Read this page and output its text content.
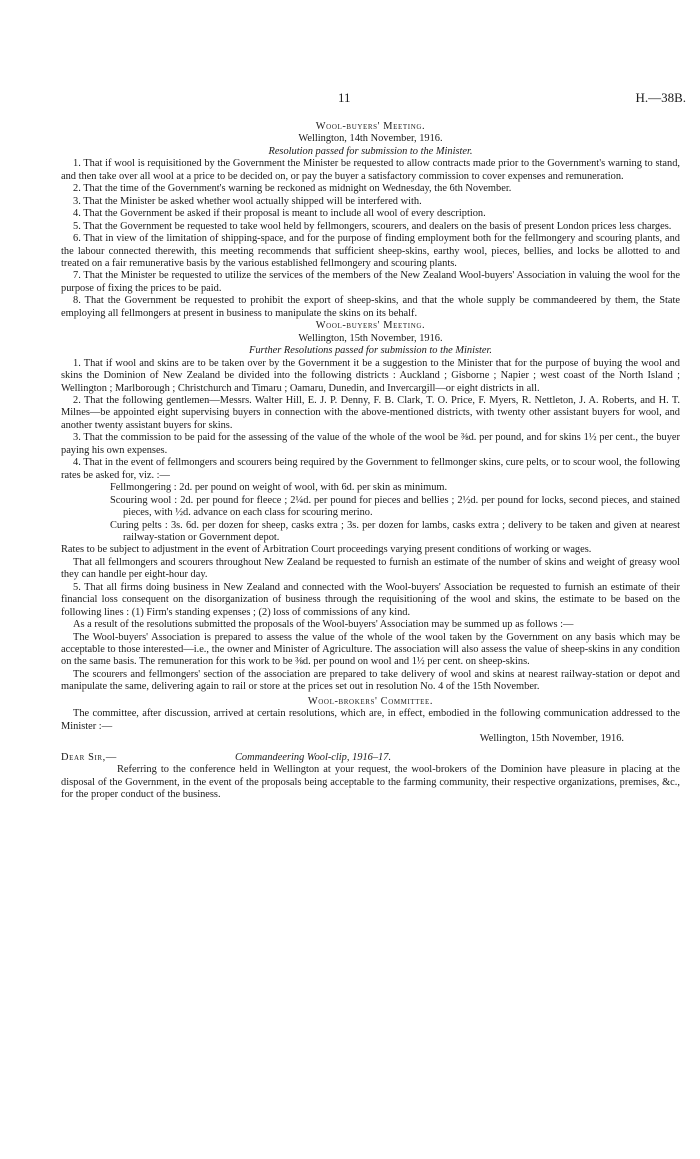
11	H.—38B.
Wool-buyers' Meeting.
Wellington, 14th November, 1916.
Resolution passed for submission to the Minister.

1. That if wool is requisitioned by the Government the Minister be requested to allow contracts made prior to the Government's warning to stand, and then take over all wool at a price to be decided on, or pay the buyer a satisfactory commission to cover expenses and remuneration.

2. That the time of the Government's warning be reckoned as midnight on Wednesday, the 6th November.

3. That the Minister be asked whether wool actually shipped will be interfered with.

4. That the Government be asked if their proposal is meant to include all wool of every description.

5. That the Government be requested to take wool held by fellmongers, scourers, and dealers on the basis of present London prices less charges.

6. That in view of the limitation of shipping-space, and for the purpose of finding employment both for the fellmongery and scouring plants, and the labour connected therewith, this meeting recommends that sufficient sheep-skins, earthy wool, pieces, bellies, and locks be allotted to and treated on a fair remunerative basis by the various established fellmongery and scouring plants.

7. That the Minister be requested to utilize the services of the members of the New Zealand Wool-buyers' Association in valuing the wool for the purpose of fixing the prices to be paid.

8. That the Government be requested to prohibit the export of sheep-skins, and that the whole supply be commandeered by them, the State employing all fellmongers at present in business to manipulate the skins on its behalf.

Wool-buyers' Meeting.
Wellington, 15th November, 1916.
Further Resolutions passed for submission to the Minister.

1. That if wool and skins are to be taken over by the Government it be a suggestion to the Minister that for the purpose of buying the wool and skins the Dominion of New Zealand be divided into the following districts : Auckland ; Gisborne ; Napier ; west coast of the North Island ; Wellington ; Marlborough ; Christchurch and Timaru ; Oamaru, Dunedin, and Invercargill—or eight districts in all.

2. That the following gentlemen—Messrs. Walter Hill, E. J. P. Denny, F. B. Clark, T. O. Price, F. Myers, R. Nettleton, J. A. Roberts, and H. T. Milnes—be appointed eight supervising buyers in connection with the above-mentioned districts, with twenty other assistant buyers for wool, and another twenty assistant buyers for skins.

3. That the commission to be paid for the assessing of the value of the whole of the wool be ⅜d. per pound, and for skins 1½ per cent., the buyer paying his own expenses.

4. That in the event of fellmongers and scourers being required by the Government to fellmonger skins, cure pelts, or to scour wool, the following rates be asked for, viz. :—

Fellmongering : 2d. per pound on weight of wool, with 6d. per skin as minimum.

Scouring wool : 2d. per pound for fleece ; 2¼d. per pound for pieces and bellies ; 2½d. per pound for locks, second pieces, and stained pieces, with ½d. advance on each class for scouring merino.

Curing pelts : 3s. 6d. per dozen for sheep, casks extra ; 3s. per dozen for lambs, casks extra ; delivery to be taken and given at nearest railway-station or Government depot.

Rates to be subject to adjustment in the event of Arbitration Court proceedings varying present conditions of working or wages.

That all fellmongers and scourers throughout New Zealand be requested to furnish an estimate of the number of skins and weight of greasy wool they can handle per eight-hour day.

5. That all firms doing business in New Zealand and connected with the Wool-buyers' Association be requested to furnish an estimate of their financial loss consequent on the disorganization of business through the requisitioning of the wool and skins, the estimate to be based on the following lines : (1) Firm's standing expenses ; (2) loss of commissions of any kind.

As a result of the resolutions submitted the proposals of the Wool-buyers' Association may be summed up as follows :—

The Wool-buyers' Association is prepared to assess the value of the whole of the wool taken by the Government on any basis which may be acceptable to those interested—i.e., the owner and Minister of Agriculture. The association will also assess the value of sheep-skins in any condition on the same basis. The remuneration for this work to be ⅜d. per pound on wool and 1½ per cent. on sheep-skins.

The scourers and fellmongers' section of the association are prepared to take delivery of wool and skins at nearest railway-station or depot and manipulate the same, delivering again to rail or store at the prices set out in resolution No. 4 of the 15th November.

Wool-brokers' Committee.

The committee, after discussion, arrived at certain resolutions, which are, in effect, embodied in the following communication addressed to the Minister :—

Wellington, 15th November, 1916.
Dear Sir,—	Commandeering Wool-clip, 1916–17.

Referring to the conference held in Wellington at your request, the wool-brokers of the Dominion have pleasure in placing at the disposal of the Government, in the event of the proposals being acceptable to the farming community, their respective organizations, premises, &c., for the proper conduct of the business.
